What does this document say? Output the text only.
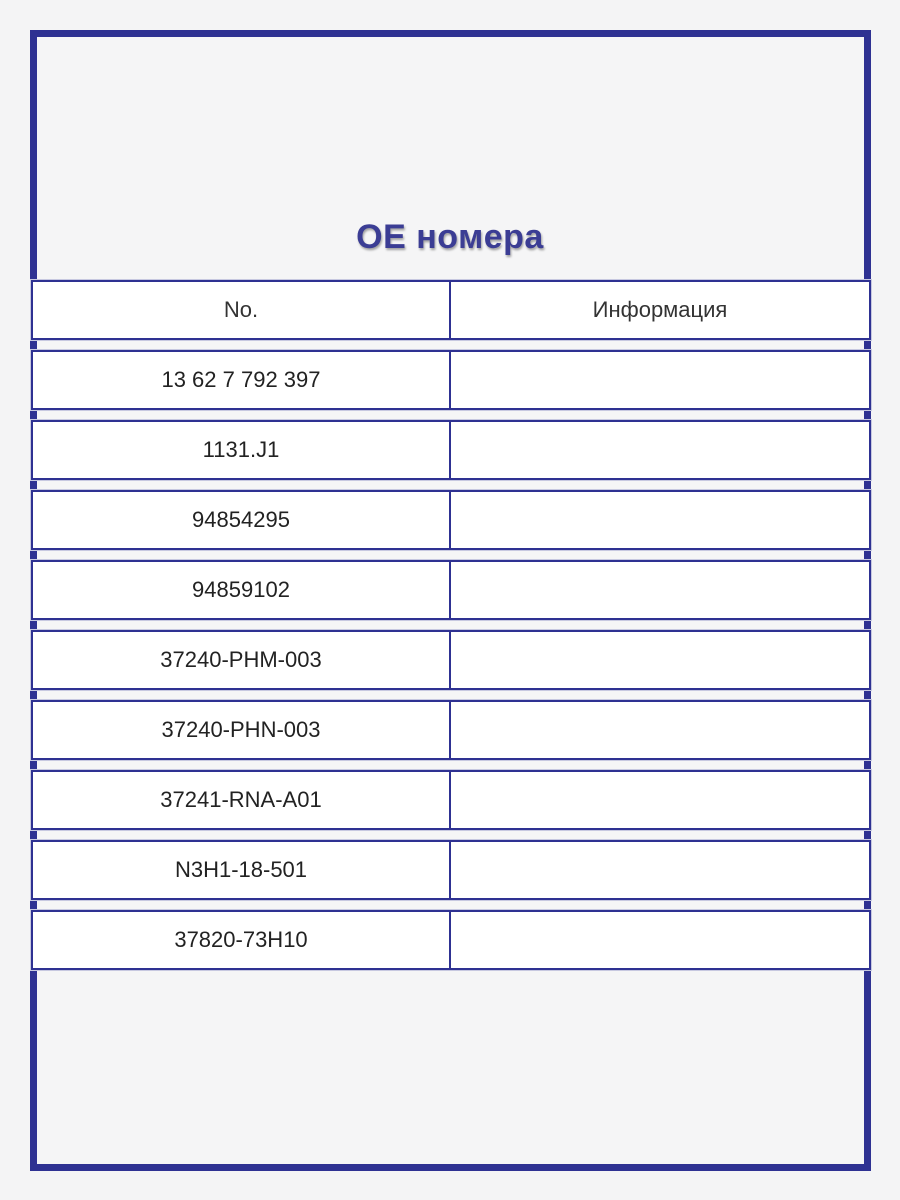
OE номера
No.	Информация
13 62 7 792 397
1131.J1
94854295
94859102
37240-PHM-003
37240-PHN-003
37241-RNA-A01
N3H1-18-501
37820-73H10
